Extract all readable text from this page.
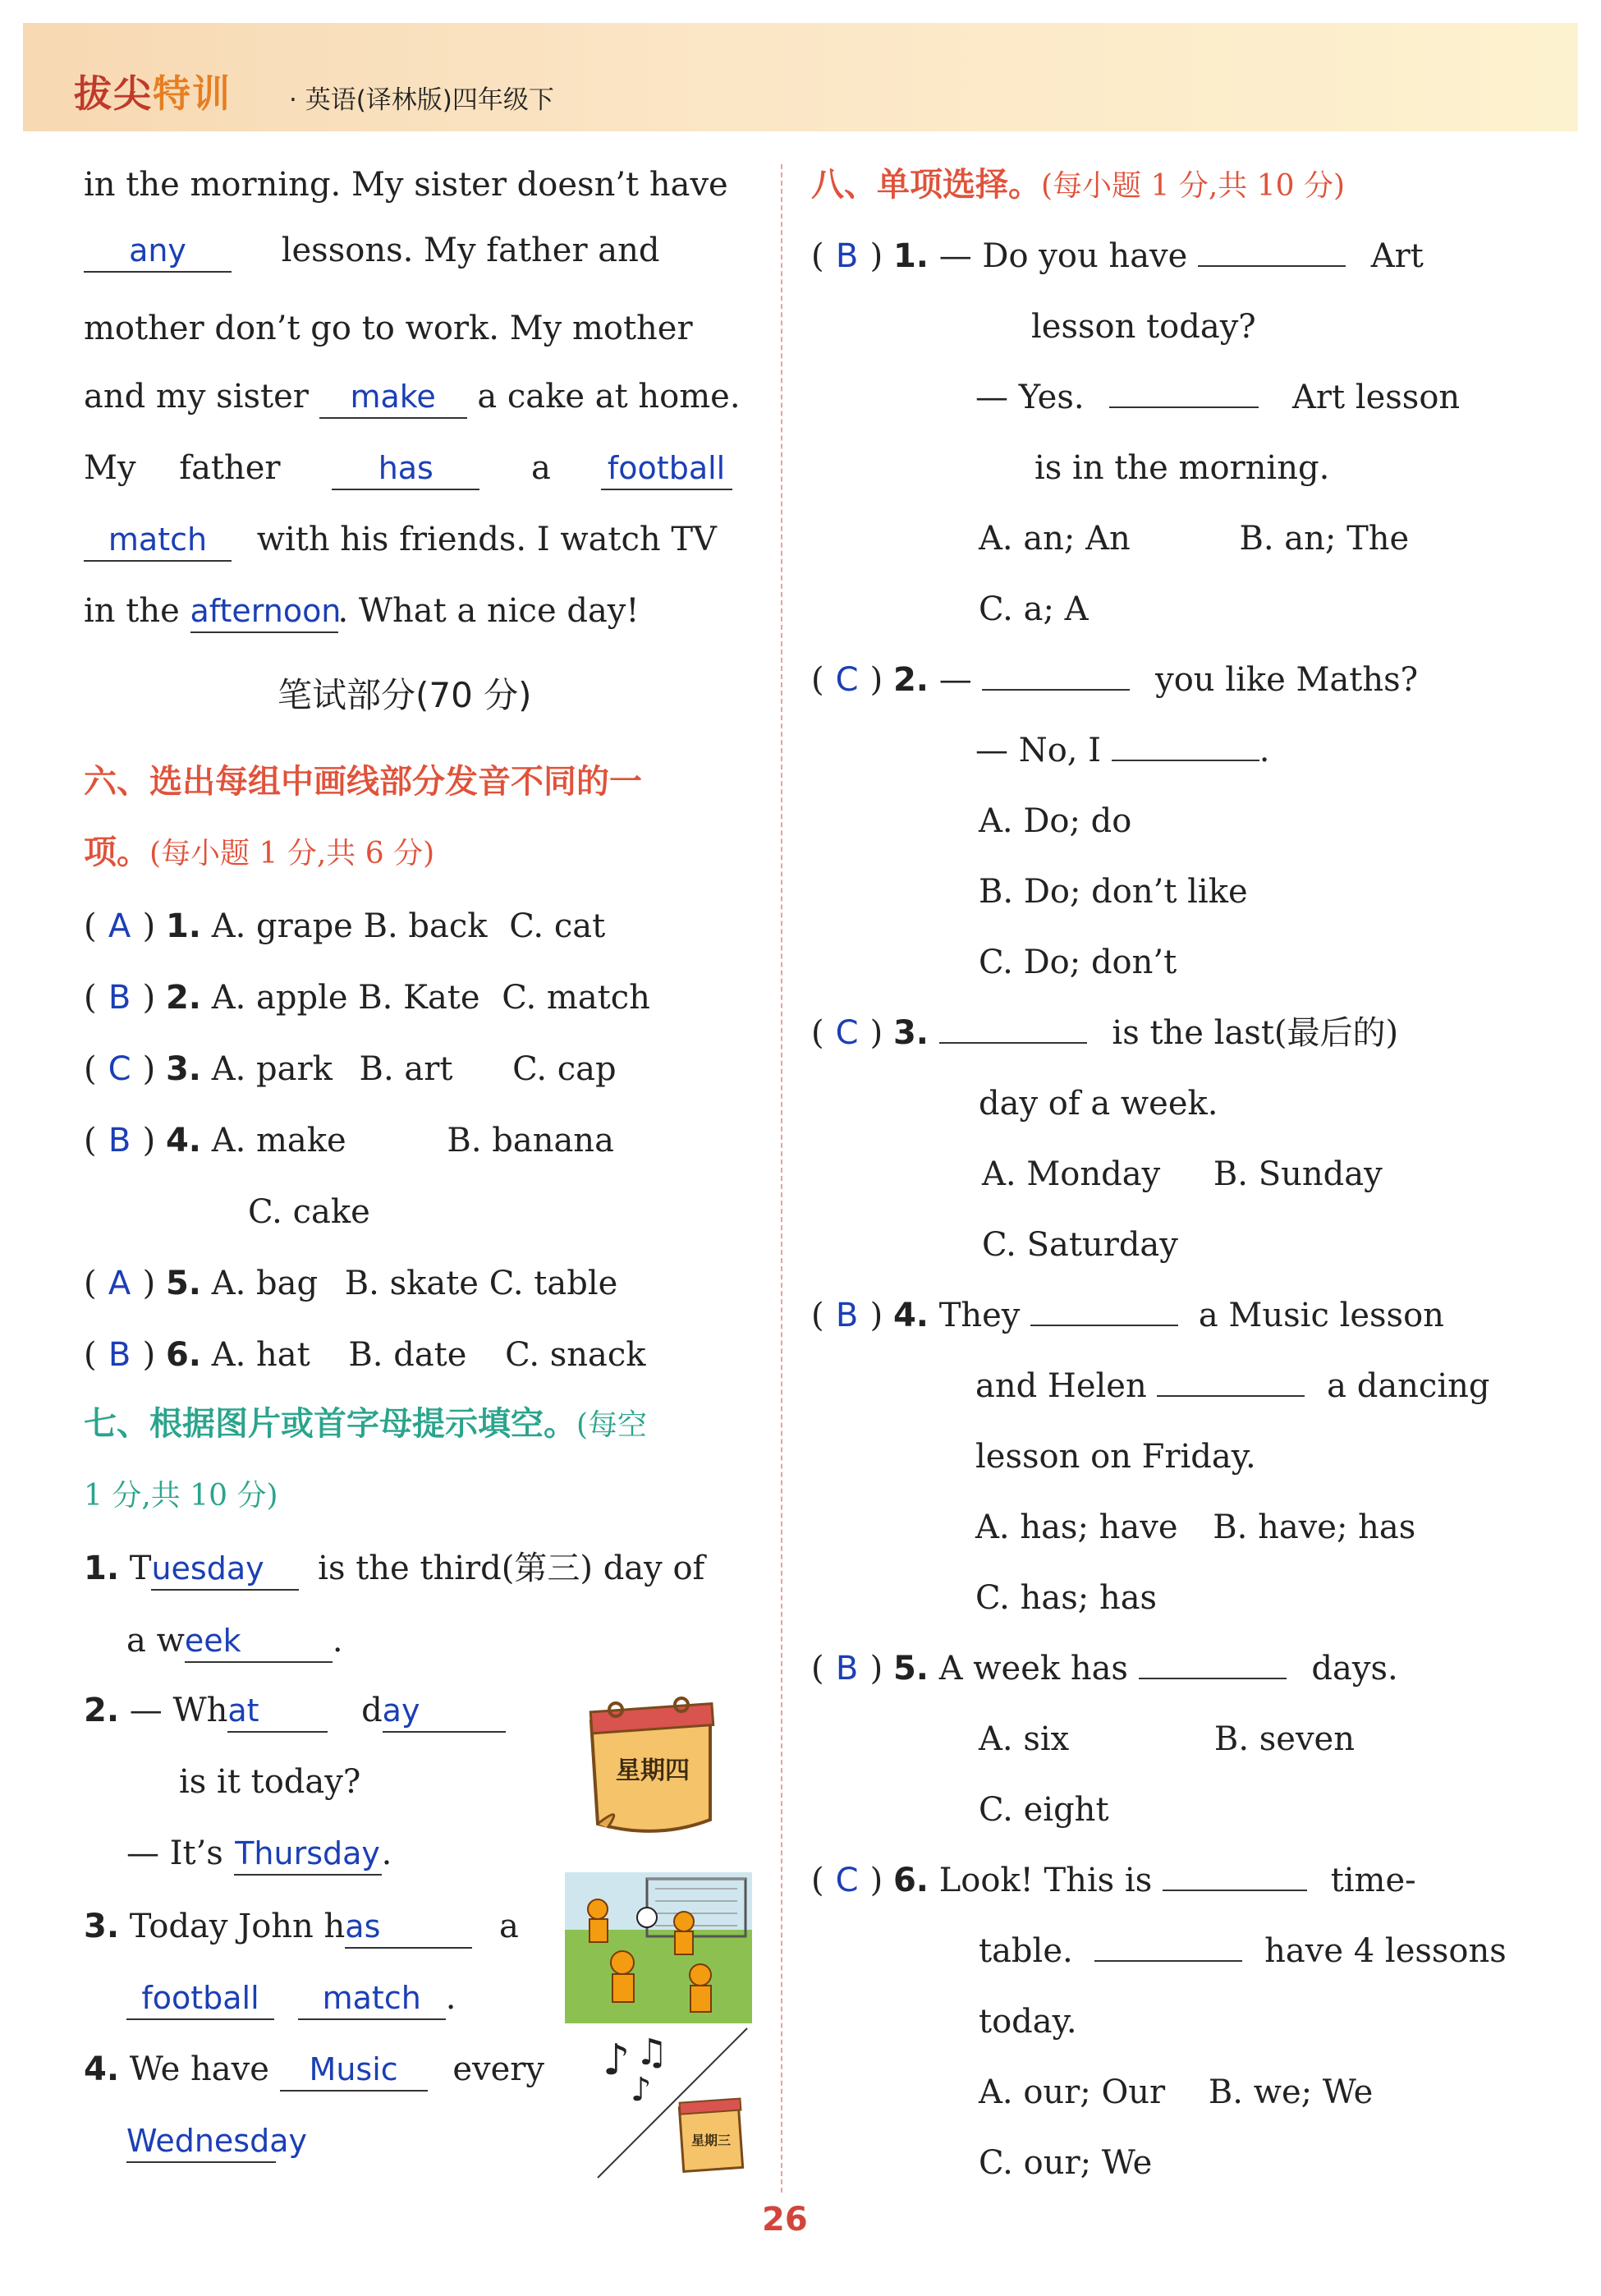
拔尖特训 · 英语(译林版)四年级下
in the morning. My sister doesn’t have
any	lessons. My father and
mother don’t go to work. My mother
and my sister make a cake at home.
My father	has	a football
match with his friends. I watch TV
in the afternoon. What a nice day!
笔试部分(70 分)
六、选出每组中画线部分发音不同的一
项。(每小题 1 分,共 6 分)
( A ) 1. A. grape B. back C. cat
( B ) 2. A. apple B. Kate C. match
( C ) 3. A. park B. art C. cap
( B ) 4. A. make	B. banana
C. cake
( A ) 5. A. bag B. skate C. table
( B ) 6. A. hat B. date C. snack
七、根据图片或首字母提示填空。(每空
1 分,共 10 分)
1. Tuesday is the third(第三) day of
a week	.
2. — What	day
is it today?
— It’s Thursday.
星期四
3. Today John has	a
football match .
4. We have Music every
Wednesday
♪ ♫
♪
星期三
八、单项选择。(每小题 1 分,共 10 分)
( B ) 1. — Do you have	Art
lesson today?
— Yes.	Art lesson
is in the morning.
A. an; An	B. an; The
C. a; A
( C ) 2. —	you like Maths?
— No, I	.
A. Do; do
B. Do; don’t like
C. Do; don’t
( C ) 3.	is the last(最后的)
day of a week.
A. Monday B. Sunday
C. Saturday
( B ) 4. They	a Music lesson
and Helen	a dancing
lesson on Friday.
A. has; have B. have; has
C. has; has
( B ) 5. A week has	days.
A. six	B. seven
C. eight
( C ) 6. Look! This is	time-
table.	have 4 lessons
today.
A. our; Our B. we; We
C. our; We
26
